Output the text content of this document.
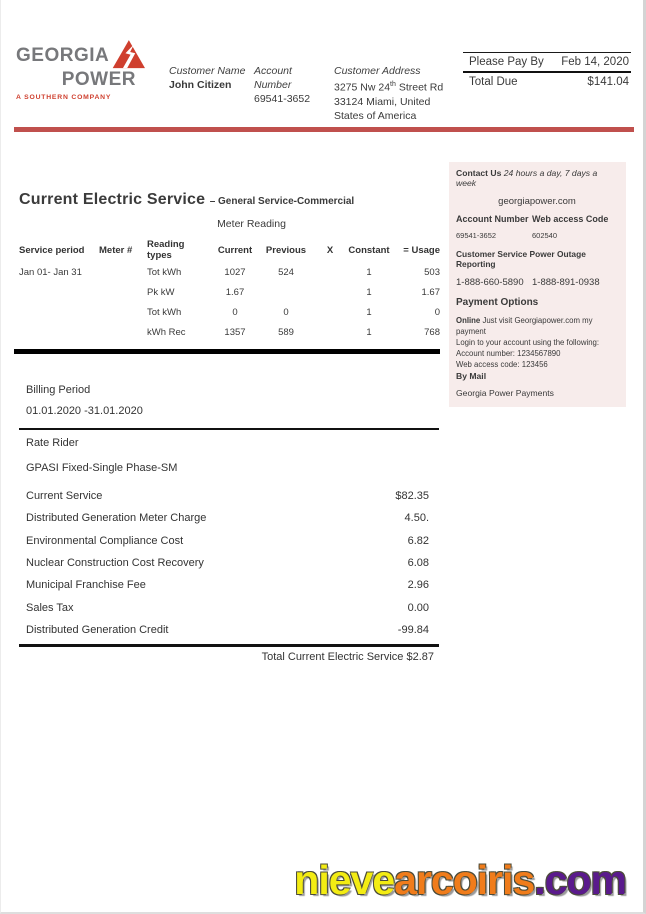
GEORGIA
POWER
A SOUTHERN COMPANY
Customer Name
John Citizen
Account
Number
69541-3652
Customer Address
3275 Nw 24th Street Rd
33124 Miami, United
States of America
Please Pay By Feb 14, 2020
Total Due	$141.04
Current Electric Service – General Service-Commercial
Meter Reading
Service period	Meter #	Reading types	Current	Previous	X	Constant	= Usage
Jan 01- Jan 31		Tot kWh	1027	524		1	503
		Pk kW	1.67			1	1.67
		Tot kWh	0	0		1	0
		kWh Rec	1357	589		1	768
Billing Period
01.01.2020 -31.01.2020
Rate Rider
GPASI Fixed-Single Phase-SM
Current Service	$82.35
Distributed Generation Meter Charge	4.50.
Environmental Compliance Cost	6.82
Nuclear Construction Cost Recovery	6.08
Municipal Franchise Fee	2.96
Sales Tax	0.00
Distributed Generation Credit	-99.84
Total Current Electric Service $2.87
Contact Us 24 hours a day, 7 days a week
georgiapower.com
Account Number Web access Code
69541-3652	602540
Customer Service Power Outage Reporting
1-888-660-5890 1-888-891-0938
Payment Options
Online Just visit Georgiapower.com my payment
Login to your account using the following:
Account number: 1234567890
Web access code: 123456
By Mail
Georgia Power Payments
nievearcoiris.com
